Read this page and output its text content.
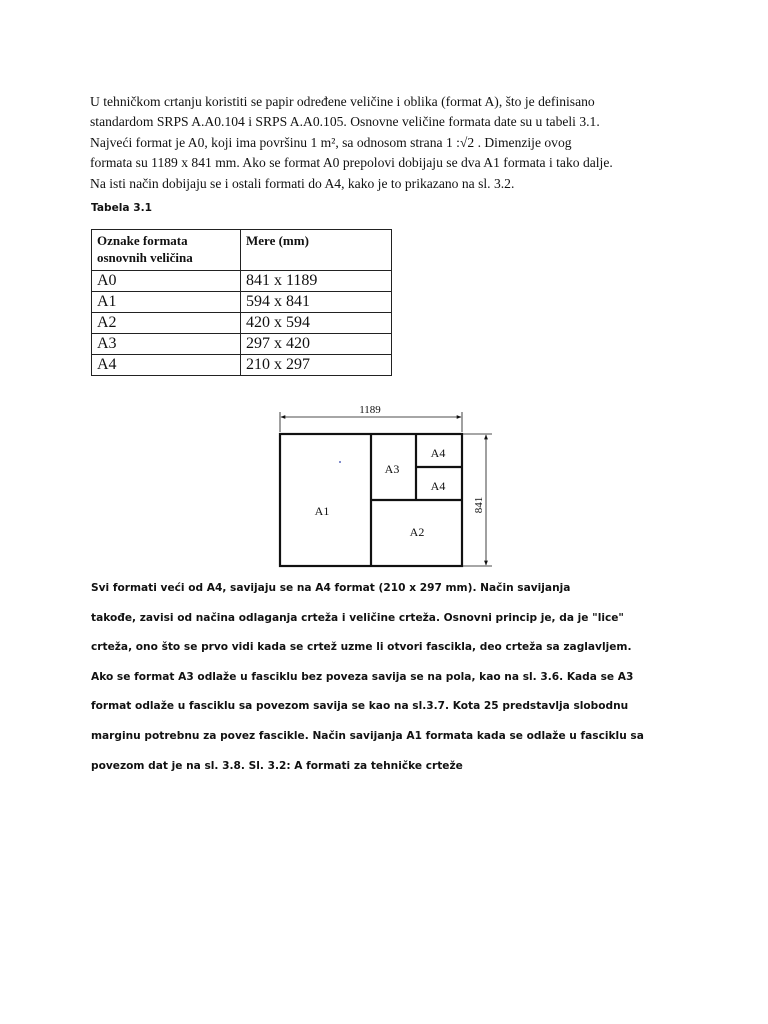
U tehničkom crtanju koristiti se papir određene veličine i oblika (format A), što je definisano
standardom SRPS A.A0.104 i SRPS A.A0.105. Osnovne veličine formata date su u tabeli 3.1.
Najveći format je A0, koji ima površinu 1 m², sa odnosom strana 1 :√2 . Dimenzije ovog
formata su 1189 x 841 mm. Ako se format A0 prepolovi dobijaju se dva A1 formata i tako dalje.
Na isti način dobijaju se i ostali formati do A4, kako je to prikazano na sl. 3.2.
Tabela 3.1
Oznake formata osnovnih veličina	Mere (mm)
A0	841 x 1189
A1	594 x 841
A2	420 x 594
A3	297 x 420
A4	210 x 297
1189
841
A1
A2
A3
A4
A4
Svi formati veći od A4, savijaju se na A4 format (210 x 297 mm). Način savijanja
takođe, zavisi od načina odlaganja crteža i veličine crteža. Osnovni princip je, da je "lice"
crteža, ono što se prvo vidi kada se crtež uzme li otvori fascikla, deo crteža sa zaglavljem.
Ako se format A3 odlaže u fasciklu bez poveza savija se na pola, kao na sl. 3.6. Kada se A3
format odlaže u fasciklu sa povezom savija se kao na sl.3.7. Kota 25 predstavlja slobodnu
marginu potrebnu za povez fascikle. Način savijanja A1 formata kada se odlaže u fasciklu sa
povezom dat je na sl. 3.8. Sl. 3.2: A formati za tehničke crteže
